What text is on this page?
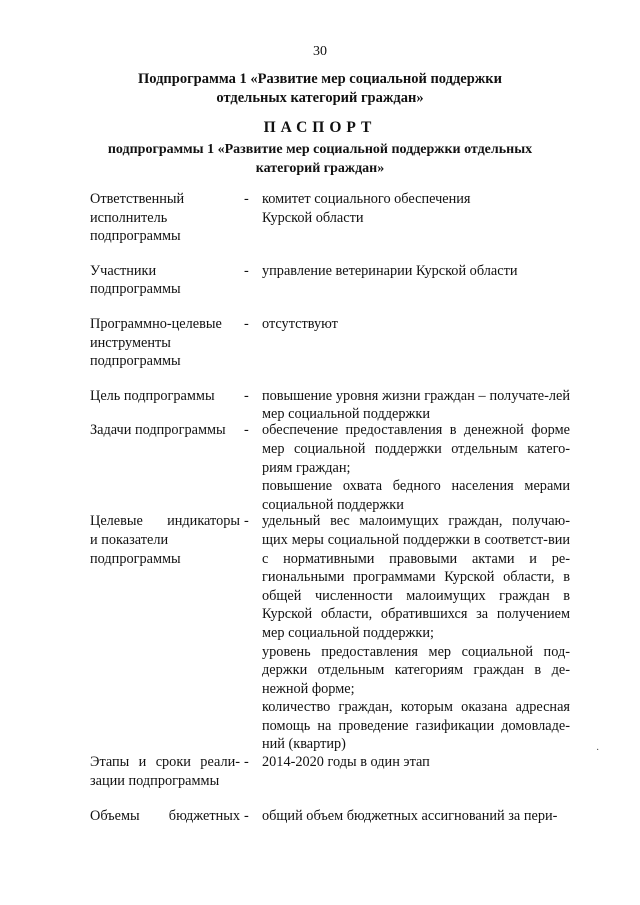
30
Подпрограмма 1 «Развитие мер социальной поддержки
отдельных категорий граждан»
ПАСПОРТ
подпрограммы 1 «Развитие мер социальной поддержки отдельных
категорий граждан»
Ответственный
исполнитель
подпрограммы
- комитет социального обеспечения

Курской области

Участники
подпрограммы
- управление ветеринарии Курской области

Программно-целевые
инструменты
подпрограммы
- отсутствуют

Цель подпрограммы	- повышение уровня жизни граждан – получате-лей мер социальной поддержки

Задачи подпрограммы	- обеспечение предоставления в денежной форме мер социальной поддержки отдельным катего-риям граждан;

повышение охвата бедного населения мерами социальной поддержки

Целевые индикаторы
и показатели
подпрограммы
- удельный вес малоимущих граждан, получаю-щих меры социальной поддержки в соответст-вии с нормативными правовыми актами и ре-гиональными программами Курской области, в общей численности малоимущих граждан в Курской области, обратившихся за получением мер социальной поддержки;

уровень предоставления мер социальной под-держки отдельным категориям граждан в де-нежной форме;

количество граждан, которым оказана адресная помощь на проведение газификации домовладе-ний (квартир)

Этапы и сроки реали-
зации подпрограммы
- 2014-2020 годы в один этап

Объемы бюджетных - общий объем бюджетных ассигнований за пери-

·
